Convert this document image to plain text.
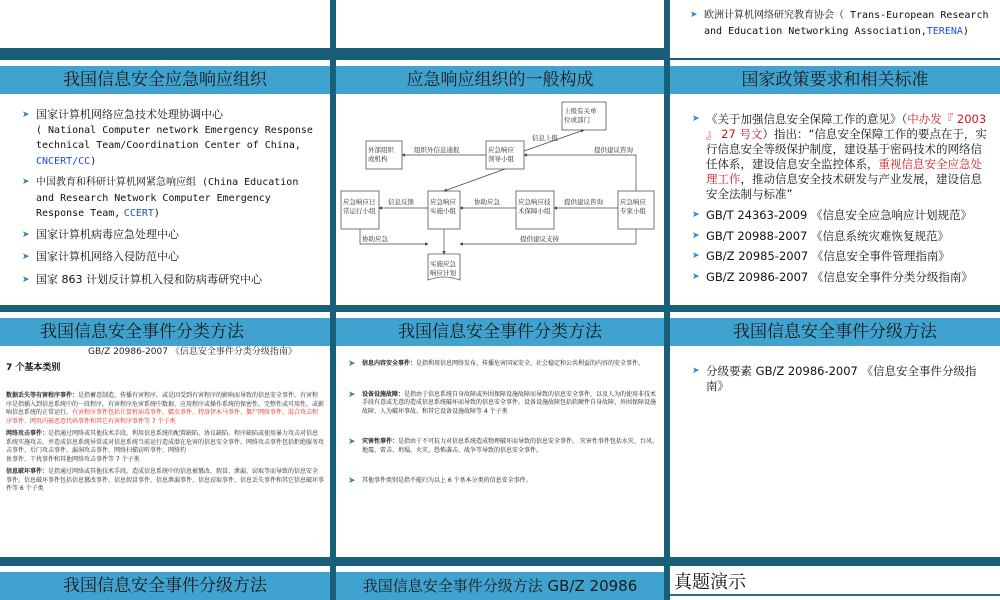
➤ 欧洲计算机网络研究教育协会（ Trans-European Research and Education Networking Association,TERENA)
我国信息安全应急响应组织
➤ 国家计算机网络应急技术处理协调中心
( National Computer network Emergency Response technical Team/Coordination Center of China, CNCERT/CC)
➤ 中国教育和科研计算机网紧急响应组 (China Education and Research Network Computer Emergency Response Team, CCERT)
➤ 国家计算机病毒应急处理中心
➤ 国家计算机网络入侵防范中心
➤ 国家 863 计划反计算机入侵和防病毒研究中心
应急响应组织的一般构成
上级有关单位或部门
外部组织或机构
应急响应领导小组
应急响应日常运行小组
应急响应实施小组
应急响应技术保障小组
应急响应专家小组
实施应急响应计划
信息上报
组织外信息通报	提供建议咨询
信息反馈	协助应急	提供建议咨询
提供建议支持
协助应急
国家政策要求和相关标准
➤ 《关于加强信息安全保障工作的意见》（中办发『 2003 』 27 号文）指出：“信息安全保障工作的要点在于，实行信息安全等级保护制度，建设基于密码技术的网络信任体系，建设信息安全监控体系，重视信息安全应急处理工作，推动信息安全技术研发与产业发展，建设信息安全法制与标准”
➤ GB/T 24363-2009 《信息安全应急响应计划规范》
➤ GB/T 20988-2007 《信息系统灾难恢复规范》
➤ GB/Z 20985-2007 《信息安全事件管理指南》
➤ GB/Z 20986-2007 《信息安全事件分类分级指南》
我国信息安全事件分类方法
GB/Z 20986-2007 《信息安全事件分类分级指南》
7 个基本类别

数据丢失等有害程序事件：是指蓄意制造、传播有害程序，或是因受到有害程序的影响而导致的信息安全事件。有害程序是指插入到信息系统中的一段程序，有害程序危害系统中数据、应用程序或操作系统的保密性、完整性或可用性，或影响信息系统的正常运行。有害程序事件包括计算机病毒事件、蠕虫事件、特洛伊木马事件、僵尸网络事件、混合攻击程序事件、网页内嵌恶意代码事件和其它有害程序事件等 7 个子类

网络攻击事件：是指通过网络或其他技术手段，利用信息系统的配置缺陷、协议缺陷、程序缺陷或使用暴力攻击对信息系统实施攻击，并造成信息系统异常或对信息系统当前运行造成潜在危害的信息安全事件。网络攻击事件包括拒绝服务攻击事件、后门攻击事件、漏洞攻击事件、网络扫描窃听事件、网络钓
鱼事件、干扰事件和其他网络攻击事件等 7 个子类

信息破坏事件：是指通过网络或其他技术手段，造成信息系统中的信息被篡改、假冒、泄漏、窃取等而导致的信息安全事件。信息破坏事件包括信息篡改事件、信息假冒事件、信息泄漏事件、信息窃取事件、信息丢失事件和其它信息破坏事件等 6 个子类

我国信息安全事件分类方法
➤ 信息内容安全事件：是指利用信息网络发布、传播危害国家安全、社会稳定和公共利益的内容的安全事件。
➤ 设备设施故障：是指由于信息系统自身故障或外围保障设施故障而导致的信息安全事件，以及人为的使用非技术手段有意或无意的造成信息系统破坏而导致的信息安全事件。设备设施故障包括软硬件自身故障、外围保障设施故障、人为破坏事故、和其它设备设施故障等 4 个子类
➤ 灾害性事件：是指由于不可抗力对信息系统造成物理破坏而导致的信息安全事件。 灾害性事件包括水灾、台风、地震、雷击、坍塌、火灾、恐怖袭击、战争等导致的信息安全事件。
➤ 其他事件类别是指不能归为以上 6 个基本分类的信息安全事件。
我国信息安全事件分级方法
➤ 分级要素 GB/Z 20986-2007 《信息安全事件分级指南》
我国信息安全事件分级方法	我国信息安全事件分级方法 GB/Z 20986	真题演示
